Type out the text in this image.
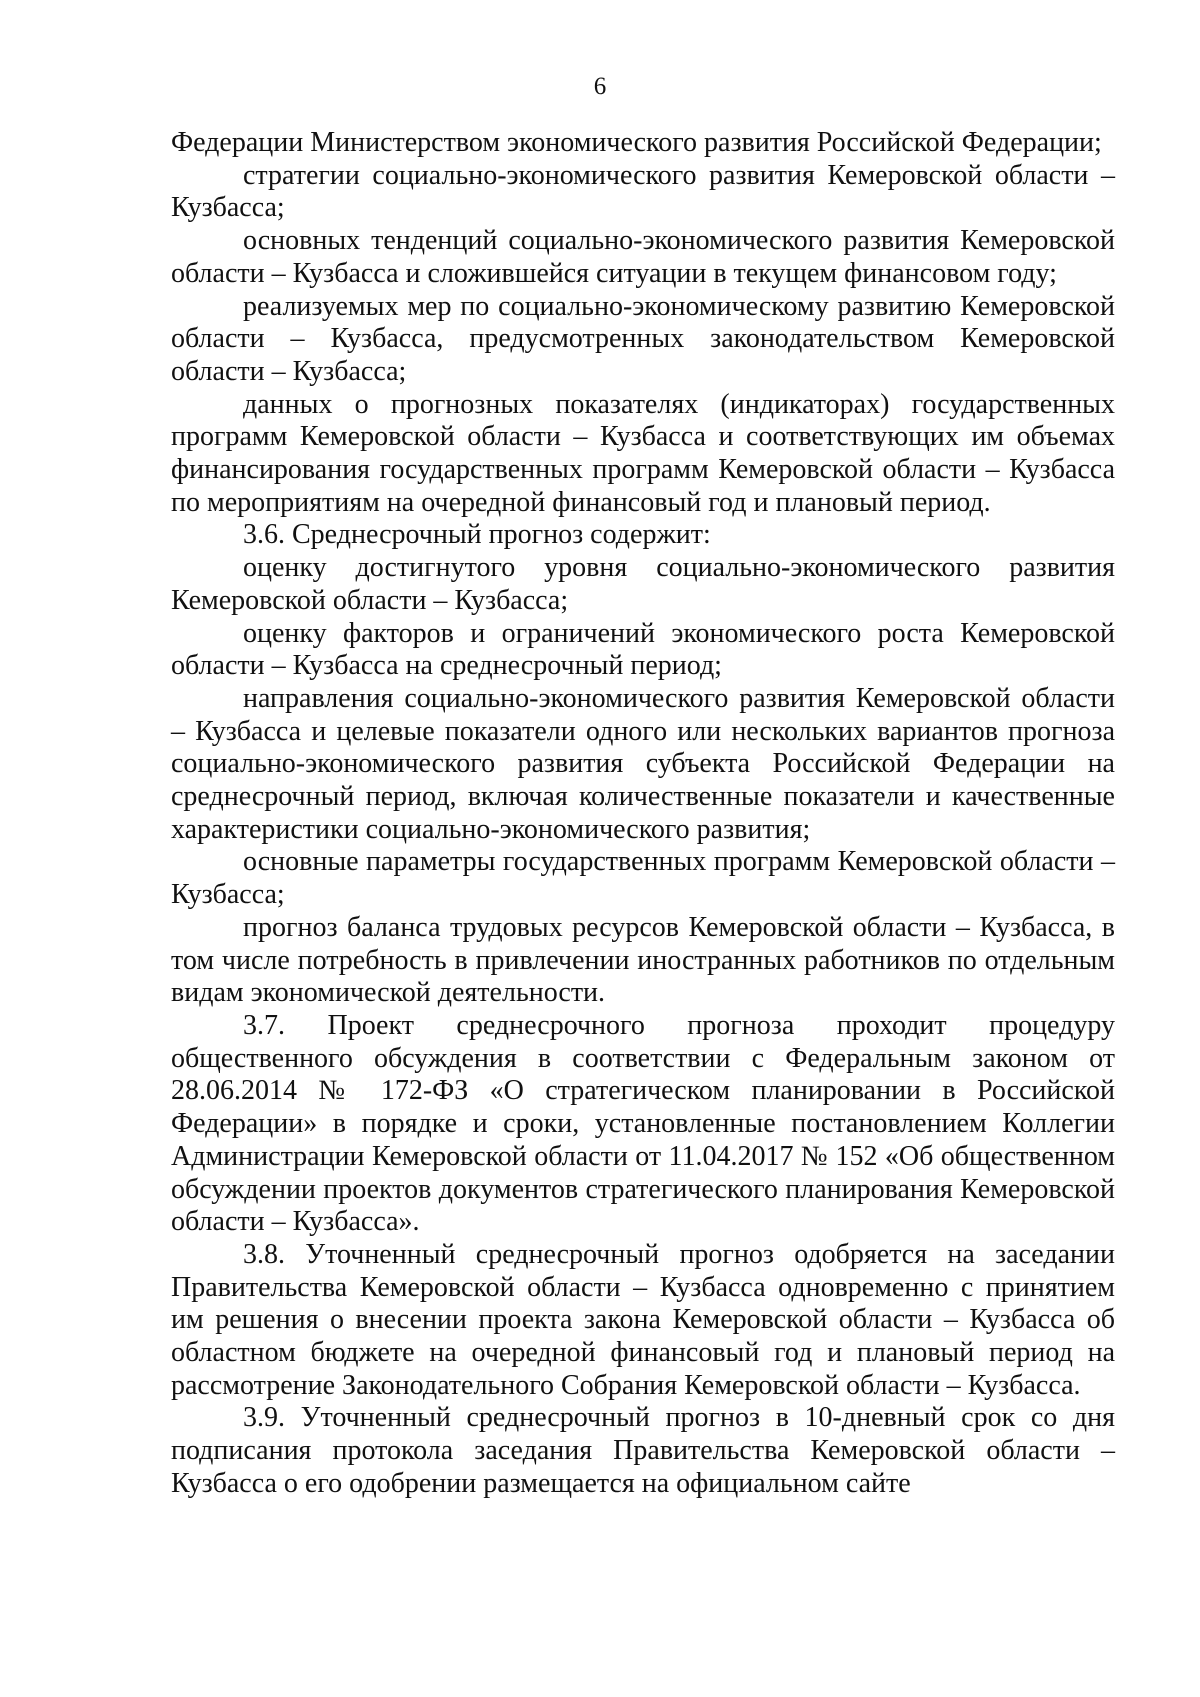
6

Федерации Министерством экономического развития Российской Федерации;

стратегии социально-экономического развития Кемеровской области – Кузбасса;

основных тенденций социально-экономического развития Кемеровской области – Кузбасса и сложившейся ситуации в текущем финансовом году;

реализуемых мер по социально-экономическому развитию Кемеровской области – Кузбасса, предусмотренных законодательством Кемеровской области – Кузбасса;

данных о прогнозных показателях (индикаторах) государственных программ Кемеровской области – Кузбасса и соответствующих им объемах финансирования государственных программ Кемеровской области – Кузбасса по мероприятиям на очередной финансовый год и плановый период.

3.6. Среднесрочный прогноз содержит:

оценку достигнутого уровня социально-экономического развития Кемеровской области – Кузбасса;

оценку факторов и ограничений экономического роста Кемеровской области – Кузбасса на среднесрочный период;

направления социально-экономического развития Кемеровской области – Кузбасса и целевые показатели одного или нескольких вариантов прогноза социально-экономического развития субъекта Российской Федерации на среднесрочный период, включая количественные показатели и качественные характеристики социально-экономического развития;

основные параметры государственных программ Кемеровской области – Кузбасса;

прогноз баланса трудовых ресурсов Кемеровской области – Кузбасса, в том числе потребность в привлечении иностранных работников по отдельным видам экономической деятельности.

3.7. Проект среднесрочного прогноза проходит процедуру общественного обсуждения в соответствии с Федеральным законом от 28.06.2014 № 172-ФЗ «О стратегическом планировании в Российской Федерации» в порядке и сроки, установленные постановлением Коллегии Администрации Кемеровской области от 11.04.2017 № 152 «Об общественном обсуждении проектов документов стратегического планирования Кемеровской области – Кузбасса».

3.8. Уточненный среднесрочный прогноз одобряется на заседании Правительства Кемеровской области – Кузбасса одновременно с принятием им решения о внесении проекта закона Кемеровской области – Кузбасса об областном бюджете на очередной финансовый год и плановый период на рассмотрение Законодательного Собрания Кемеровской области – Кузбасса.

3.9. Уточненный среднесрочный прогноз в 10-дневный срок со дня подписания протокола заседания Правительства Кемеровской области – Кузбасса о его одобрении размещается на официальном сайте
